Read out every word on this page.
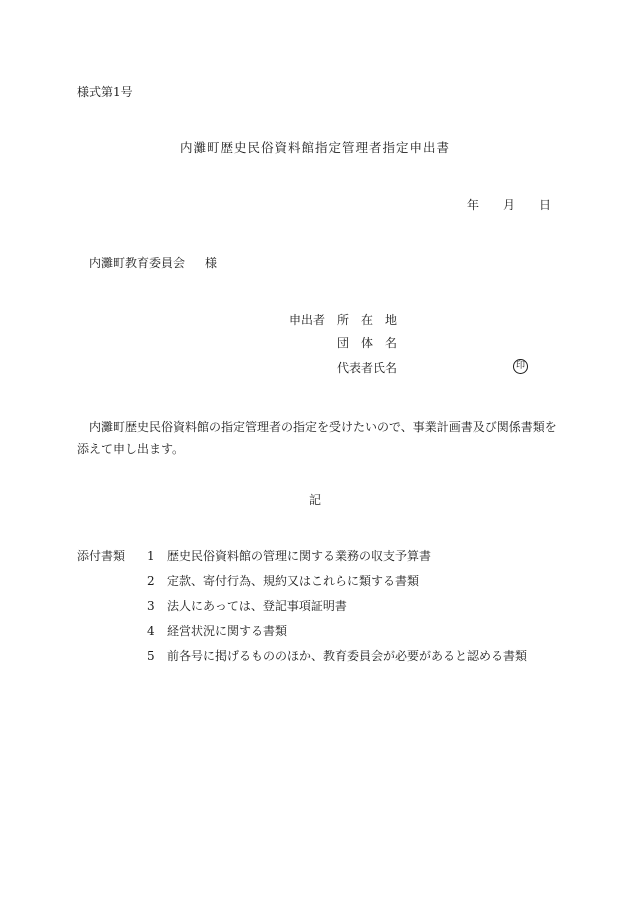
様式第1号
内灘町歴史民俗資料館指定管理者指定申出書
年 月 日
内灘町教育委員会 様
申出者 所　在　地
団　体　名
代表者氏名	印
内灘町歴史民俗資料館の指定管理者の指定を受けたいので、事業計画書及び関係書類を添えて申し出ます。
記
添付書類 1 歴史民俗資料館の管理に関する業務の収支予算書
2 定款、寄付行為、規約又はこれらに類する書類
3 法人にあっては、登記事項証明書
4 経営状況に関する書類
5 前各号に掲げるもののほか、教育委員会が必要があると認める書類
